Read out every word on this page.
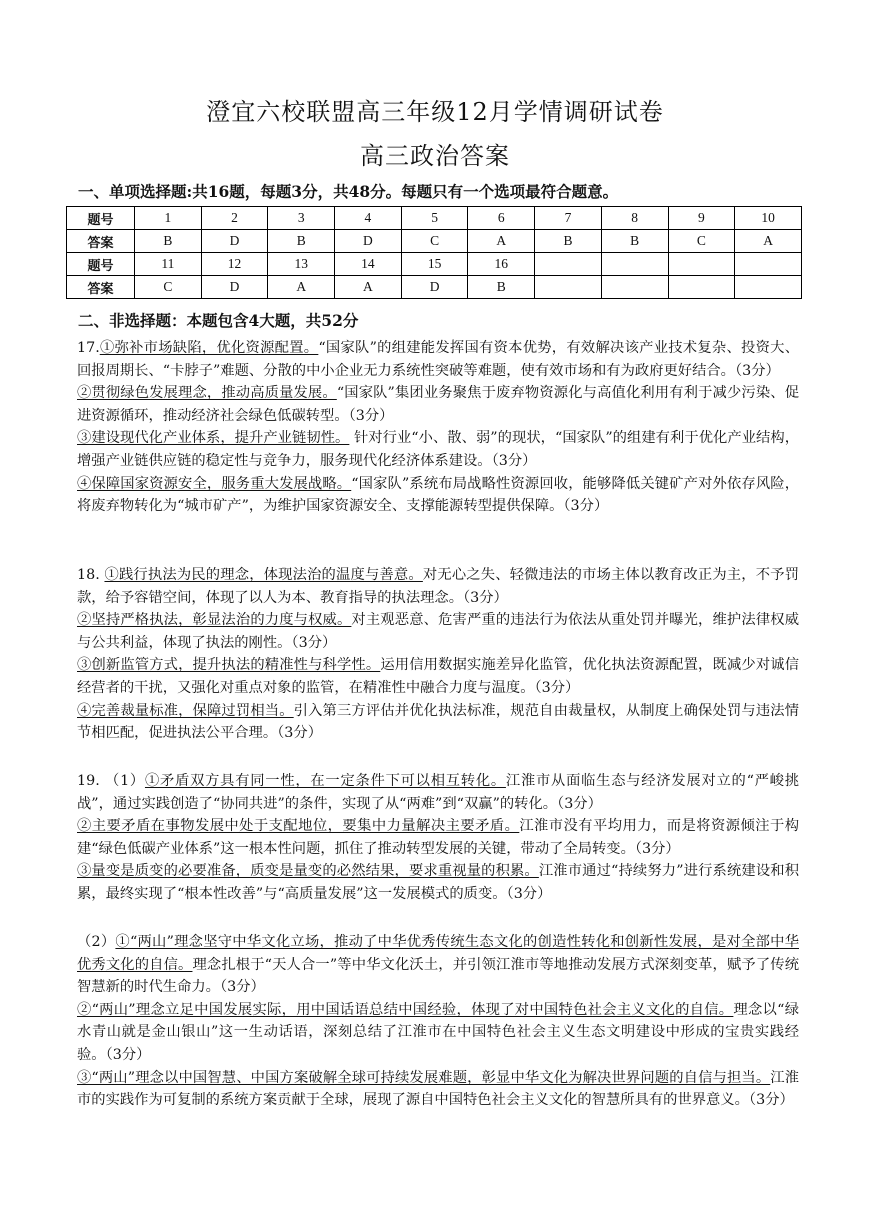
澄宜六校联盟高三年级12月学情调研试卷
高三政治答案
一、单项选择题:共16题，每题3分，共48分。每题只有一个选项最符合题意。
题号	1	2	3	4	5	6	7	8	9	10
答案	B	D	B	D	C	A	B	B	C	A
题号	11	12	13	14	15	16				
答案	C	D	A	A	D	B				
二、非选择题：本题包含4大题，共52分

17.①弥补市场缺陷，优化资源配置。“国家队”的组建能发挥国有资本优势，有效解决该产业技术复杂、投资大、回报周期长、“卡脖子”难题、分散的中小企业无力系统性突破等难题，使有效市场和有为政府更好结合。（3分）

②贯彻绿色发展理念，推动高质量发展。“国家队”集团业务聚焦于废弃物资源化与高值化利用有利于减少污染、促进资源循环，推动经济社会绿色低碳转型。（3分）

③建设现代化产业体系，提升产业链韧性。 针对行业“小、散、弱”的现状，“国家队”的组建有利于优化产业结构，增强产业链供应链的稳定性与竞争力，服务现代化经济体系建设。（3分）

④保障国家资源安全，服务重大发展战略。“国家队”系统布局战略性资源回收，能够降低关键矿产对外依存风险，将废弃物转化为“城市矿产”，为维护国家资源安全、支撑能源转型提供保障。（3分）

18. ①践行执法为民的理念，体现法治的温度与善意。对无心之失、轻微违法的市场主体以教育改正为主，不予罚款，给予容错空间，体现了以人为本、教育指导的执法理念。（3分）

②坚持严格执法，彰显法治的力度与权威。对主观恶意、危害严重的违法行为依法从重处罚并曝光，维护法律权威与公共利益，体现了执法的刚性。（3分）

③创新监管方式，提升执法的精准性与科学性。运用信用数据实施差异化监管，优化执法资源配置，既减少对诚信经营者的干扰，又强化对重点对象的监管，在精准性中融合力度与温度。（3分）

④完善裁量标准，保障过罚相当。引入第三方评估并优化执法标准，规范自由裁量权，从制度上确保处罚与违法情节相匹配，促进执法公平合理。（3分）

19. （1）①矛盾双方具有同一性，在一定条件下可以相互转化。江淮市从面临生态与经济发展对立的“严峻挑战”，通过实践创造了“协同共进”的条件，实现了从“两难”到“双赢”的转化。（3分）

②主要矛盾在事物发展中处于支配地位，要集中力量解决主要矛盾。江淮市没有平均用力，而是将资源倾注于构建“绿色低碳产业体系”这一根本性问题，抓住了推动转型发展的关键，带动了全局转变。（3分）

③量变是质变的必要准备，质变是量变的必然结果，要求重视量的积累。江淮市通过“持续努力”进行系统建设和积累，最终实现了“根本性改善”与“高质量发展”这一发展模式的质变。（3分）

（2）①“两山”理念坚守中华文化立场，推动了中华优秀传统生态文化的创造性转化和创新性发展，是对全部中华优秀文化的自信。理念扎根于“天人合一”等中华文化沃土，并引领江淮市等地推动发展方式深刻变革，赋予了传统智慧新的时代生命力。（3分）

②“两山”理念立足中国发展实际，用中国话语总结中国经验，体现了对中国特色社会主义文化的自信。理念以“绿水青山就是金山银山”这一生动话语，深刻总结了江淮市在中国特色社会主义生态文明建设中形成的宝贵实践经验。（3分）

③“两山”理念以中国智慧、中国方案破解全球可持续发展难题，彰显中华文化为解决世界问题的自信与担当。江淮市的实践作为可复制的系统方案贡献于全球，展现了源自中国特色社会主义文化的智慧所具有的世界意义。（3分）
